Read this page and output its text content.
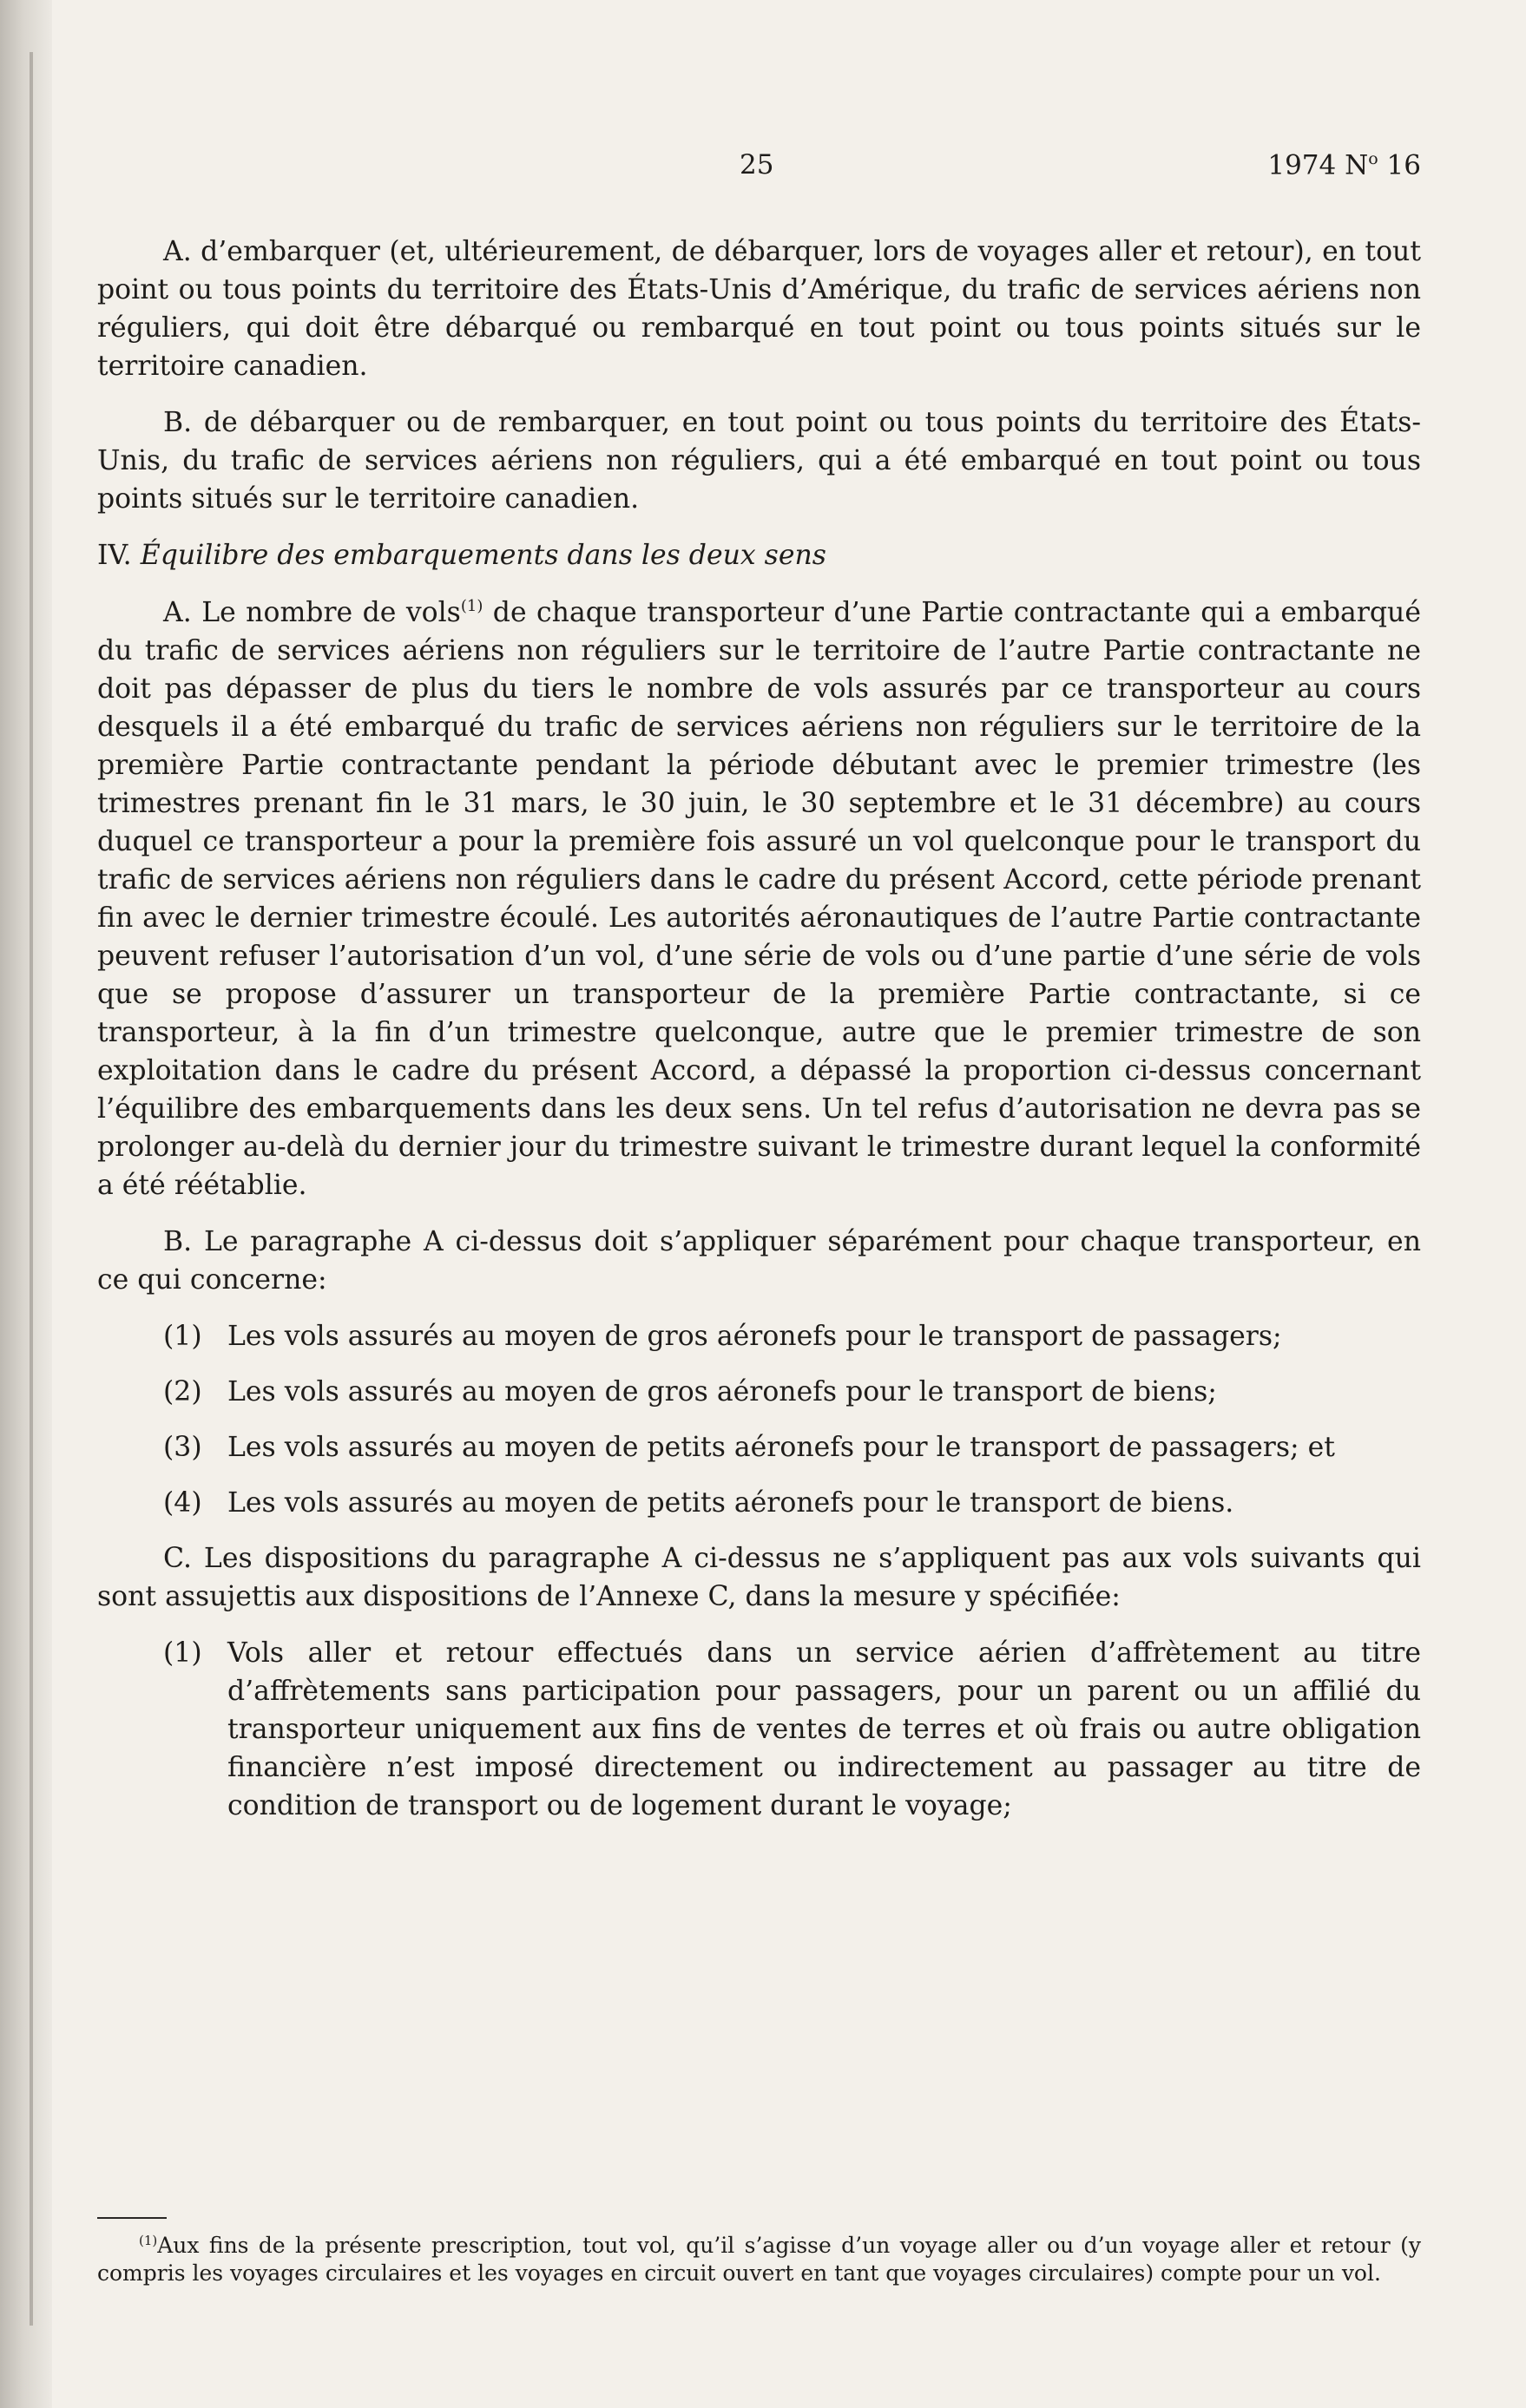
25	1974 $N^o$ 16

A. d’embarquer (et, ultérieurement, de débarquer, lors de voyages aller et retour), en tout point ou tous points du territoire des États-Unis d’Amérique, du trafic de services aériens non réguliers, qui doit être débarqué ou rembarqué en tout point ou tous points situés sur le territoire canadien.

B. de débarquer ou de rembarquer, en tout point ou tous points du territoire des États-Unis, du trafic de services aériens non réguliers, qui a été embarqué en tout point ou tous points situés sur le territoire canadien.

IV. Équilibre des embarquements dans les deux sens

A. Le nombre de vols$^{(1)}$ de chaque transporteur d’une Partie contractante qui a embarqué du trafic de services aériens non réguliers sur le territoire de l’autre Partie contractante ne doit pas dépasser de plus du tiers le nombre de vols assurés par ce transporteur au cours desquels il a été embarqué du trafic de services aériens non réguliers sur le territoire de la première Partie contractante pendant la période débutant avec le premier trimestre (les trimestres prenant fin le 31 mars, le 30 juin, le 30 septembre et le 31 décembre) au cours duquel ce transporteur a pour la première fois assuré un vol quelconque pour le transport du trafic de services aériens non réguliers dans le cadre du présent Accord, cette période prenant fin avec le dernier trimestre écoulé. Les autorités aéronautiques de l’autre Partie contractante peuvent refuser l’autorisation d’un vol, d’une série de vols ou d’une partie d’une série de vols que se propose d’assurer un transporteur de la première Partie contractante, si ce transporteur, à la fin d’un trimestre quelconque, autre que le premier trimestre de son exploitation dans le cadre du présent Accord, a dépassé la proportion ci-dessus concernant l’équilibre des embarquements dans les deux sens. Un tel refus d’autorisation ne devra pas se prolonger au-delà du dernier jour du trimestre suivant le trimestre durant lequel la conformité a été réétablie.

B. Le paragraphe A ci-dessus doit s’appliquer séparément pour chaque transporteur, en ce qui concerne:

(1) Les vols assurés au moyen de gros aéronefs pour le transport de passagers;
(2) Les vols assurés au moyen de gros aéronefs pour le transport de biens;
(3) Les vols assurés au moyen de petits aéronefs pour le transport de passagers; et
(4) Les vols assurés au moyen de petits aéronefs pour le transport de biens.

C. Les dispositions du paragraphe A ci-dessus ne s’appliquent pas aux vols suivants qui sont assujettis aux dispositions de l’Annexe C, dans la mesure y spécifiée:

(1) Vols aller et retour effectués dans un service aérien d’affrètement au titre d’affrètements sans participation pour passagers, pour un parent ou un affilié du transporteur uniquement aux fins de ventes de terres et où frais ou autre obligation financière n’est imposé directement ou indirectement au passager au titre de condition de transport ou de logement durant le voyage;

$^{(1)}$Aux fins de la présente prescription, tout vol, qu’il s’agisse d’un voyage aller ou d’un voyage aller et retour (y compris les voyages circulaires et les voyages en circuit ouvert en tant que voyages circulaires) compte pour un vol.
